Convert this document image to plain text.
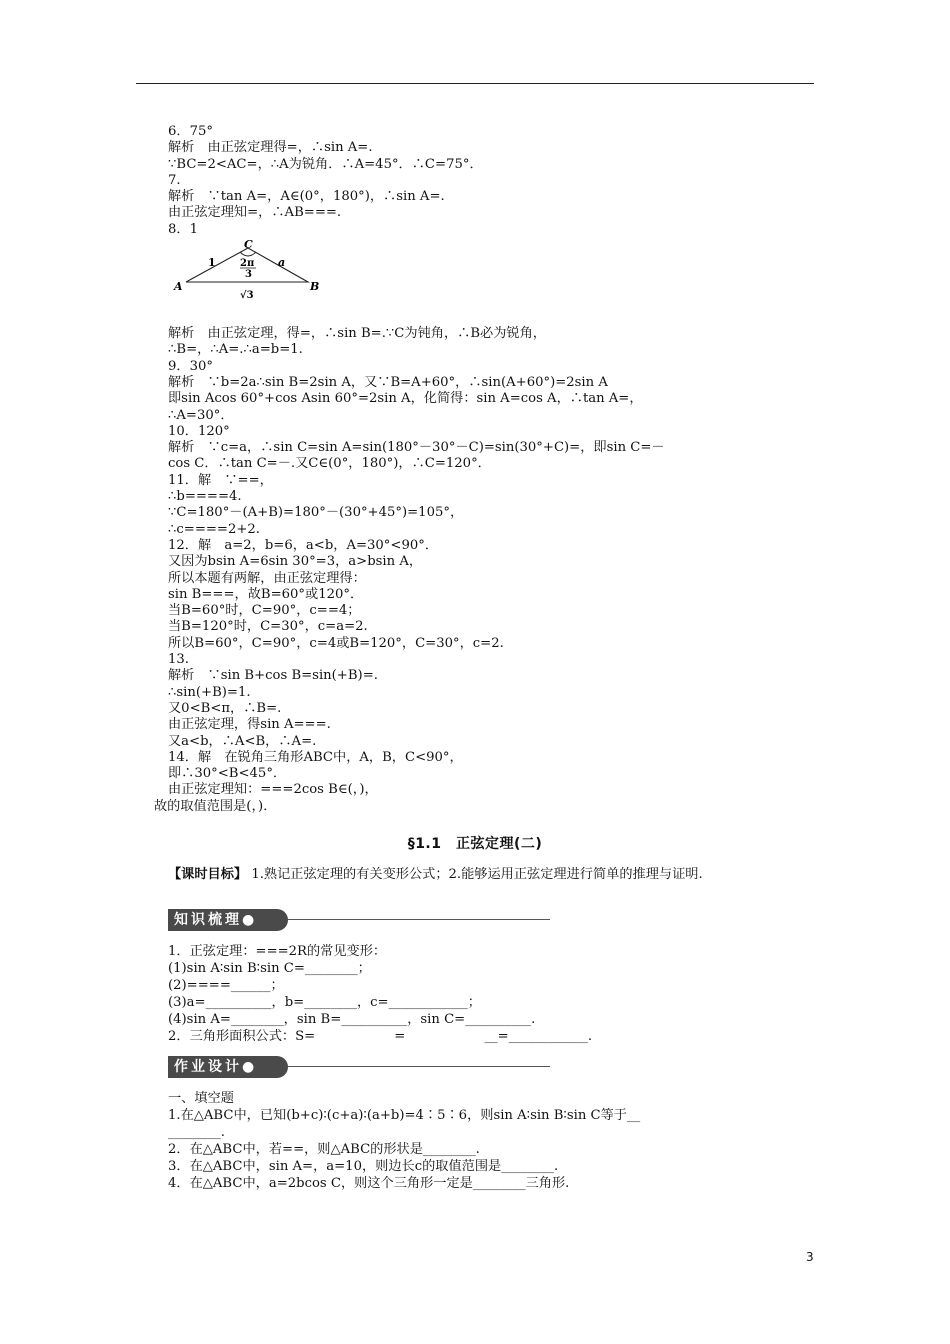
6．75°
解析　由正弦定理得=，∴sin A=.
∵BC=2<AC=，∴A为锐角．∴A=45°．∴C=75°．
7.
解析　∵tan A=，A∈(0°，180°)，∴sin A=.
由正弦定理知=，∴AB===.
8．1
C
A	B
1	a
2π
3
√3
解析　由正弦定理，得=，∴sin B=.∵C为钝角，∴B必为锐角，
∴B=，∴A=.∴a=b=1.
9．30°
解析　∵b=2a∴sin B=2sin A，又∵B=A+60°，∴sin(A+60°)=2sin A
即sin Acos 60°+cos Asin 60°=2sin A，化简得：sin A=cos A，∴tan A=，
∴A=30°．
10．120°
解析　∵c=a，∴sin C=sin A=sin(180°－30°－C)=sin(30°+C)=，即sin C=－
cos C．∴tan C=－.又C∈(0°，180°)，∴C=120°．
11．解　∵==，
∴b====4.
∵C=180°－(A+B)=180°－(30°+45°)=105°，
∴c====2+2.
12．解　a=2，b=6，a<b，A=30°<90°．
又因为bsin A=6sin 30°=3，a>bsin A，
所以本题有两解，由正弦定理得：
sin B===，故B=60°或120°．
当B=60°时，C=90°，c==4；
当B=120°时，C=30°，c=a=2.
所以B=60°，C=90°，c=4或B=120°，C=30°，c=2.
13.
解析　∵sin B+cos B=sin(+B)=.
∴sin(+B)=1.
又0<B<π，∴B=.
由正弦定理，得sin A===.
又a<b，∴A<B，∴A=.
14．解　在锐角三角形ABC中，A，B，C<90°，
即∴30°<B<45°．
由正弦定理知：===2cos B∈(，)，
故的取值范围是(，)．
§1.1　正弦定理(二)
【课时目标】 1.熟记正弦定理的有关变形公式；2.能够运用正弦定理进行简单的推理与证明.
知识梳理●
1．正弦定理：===2R的常见变形：
(1)sin A∶sin B∶sin C=________；
(2)====______；
(3)a=__________，b=________，c=____________；
(4)sin A=________，sin B=__________，sin C=__________.
2．三角形面积公式：S=　　　　　　=　　　　　　__=____________.
作业设计●
一、填空题
1.在△ABC中，已知(b+c)∶(c+a)∶(a+b)=4∶5∶6，则sin A∶sin B∶sin C等于__
________.
2．在△ABC中，若==，则△ABC的形状是________.
3．在△ABC中，sin A=，a=10，则边长c的取值范围是________.
4．在△ABC中，a=2bcos C，则这个三角形一定是________三角形.
3
